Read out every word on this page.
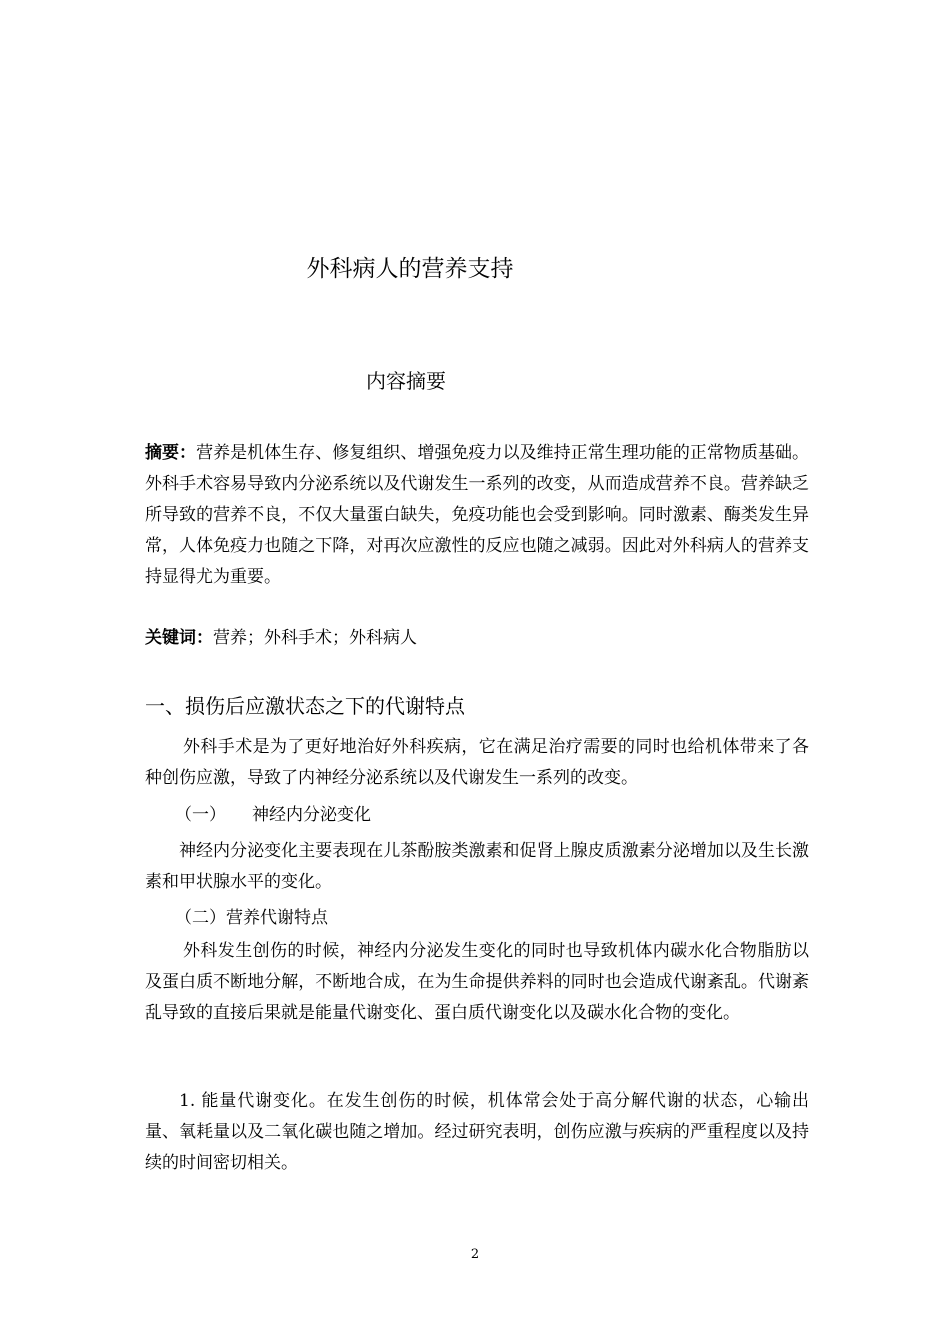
外科病人的营养支持
内容摘要
摘要：营养是机体生存、修复组织、增强免疫力以及维持正常生理功能的正常物质基础。外科手术容易导致内分泌系统以及代谢发生一系列的改变，从而造成营养不良。营养缺乏所导致的营养不良，不仅大量蛋白缺失，免疫功能也会受到影响。同时激素、酶类发生异常，人体免疫力也随之下降，对再次应激性的反应也随之减弱。因此对外科病人的营养支持显得尤为重要。
关键词：营养；外科手术；外科病人
一、损伤后应激状态之下的代谢特点
外科手术是为了更好地治好外科疾病，它在满足治疗需要的同时也给机体带来了各种创伤应激，导致了内神经分泌系统以及代谢发生一系列的改变。
（一） 神经内分泌变化
神经内分泌变化主要表现在儿茶酚胺类激素和促肾上腺皮质激素分泌增加以及生长激素和甲状腺水平的变化。
（二）营养代谢特点
外科发生创伤的时候，神经内分泌发生变化的同时也导致机体内碳水化合物脂肪以及蛋白质不断地分解，不断地合成，在为生命提供养料的同时也会造成代谢紊乱。代谢紊乱导致的直接后果就是能量代谢变化、蛋白质代谢变化以及碳水化合物的变化。
1. 能量代谢变化。在发生创伤的时候，机体常会处于高分解代谢的状态，心输出量、氧耗量以及二氧化碳也随之增加。经过研究表明，创伤应激与疾病的严重程度以及持续的时间密切相关。
2
